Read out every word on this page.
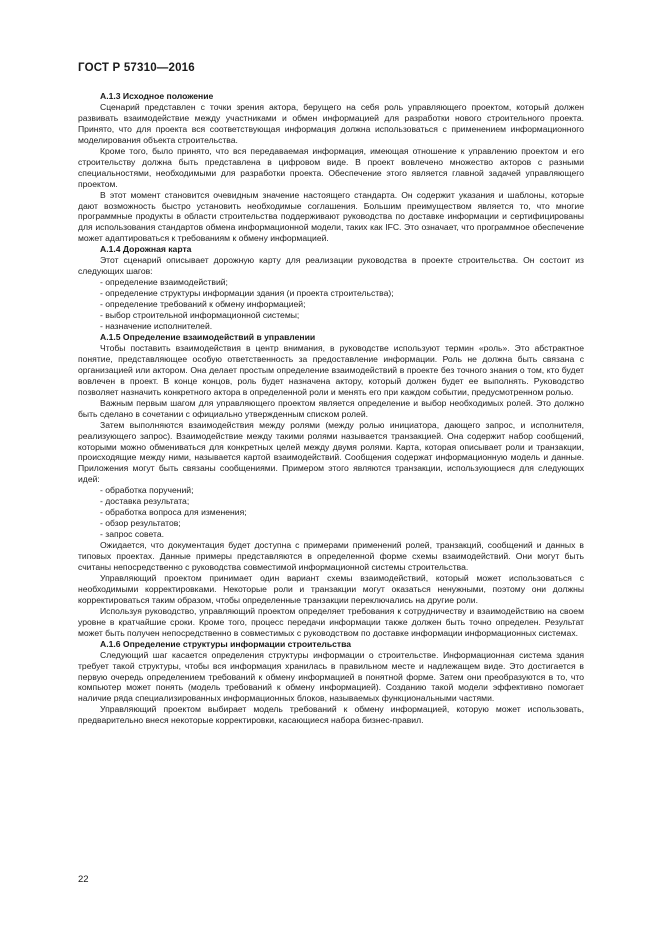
ГОСТ Р 57310—2016
А.1.3 Исходное положение

Сценарий представлен с точки зрения актора, берущего на себя роль управляющего проектом, который должен развивать взаимодействие между участниками и обмен информацией для разработки нового строительного проекта. Принято, что для проекта вся соответствующая информация должна использоваться с применением информационного моделирования объекта строительства.

Кроме того, было принято, что вся передаваемая информация, имеющая отношение к управлению проектом и его строительству должна быть представлена в цифровом виде. В проект вовлечено множество акторов с разными специальностями, необходимыми для разработки проекта. Обеспечение этого является главной задачей управляющего проектом.

В этот момент становится очевидным значение настоящего стандарта. Он содержит указания и шаблоны, которые дают возможность быстро установить необходимые соглашения. Большим преимуществом является то, что многие программные продукты в области строительства поддерживают руководства по доставке информации и сертифицированы для использования стандартов обмена информационной модели, таких как IFC. Это означает, что программное обеспечение может адаптироваться к требованиям к обмену информацией.

А.1.4 Дорожная карта

Этот сценарий описывает дорожную карту для реализации руководства в проекте строительства. Он состоит из следующих шагов:

- определение взаимодействий;
- определение структуры информации здания (и проекта строительства);
- определение требований к обмену информацией;
- выбор строительной информационной системы;
- назначение исполнителей.
А.1.5 Определение взаимодействий в управлении

Чтобы поставить взаимодействия в центр внимания, в руководстве используют термин «роль». Это абстрактное понятие, представляющее особую ответственность за предоставление информации. Роль не должна быть связана с организацией или актором. Она делает простым определение взаимодействий в проекте без точного знания о том, кто будет вовлечен в проект. В конце концов, роль будет назначена актору, который должен будет ее выполнять. Руководство позволяет назначить конкретного актора в определенной роли и менять его при каждом событии, предусмотренном ролью.

Важным первым шагом для управляющего проектом является определение и выбор необходимых ролей. Это должно быть сделано в сочетании с официально утвержденным списком ролей.

Затем выполняются взаимодействия между ролями (между ролью инициатора, дающего запрос, и исполнителя, реализующего запрос). Взаимодействие между такими ролями называется транзакцией. Она содержит набор сообщений, которыми можно обмениваться для конкретных целей между двумя ролями. Карта, которая описывает роли и транзакции, происходящие между ними, называется картой взаимодействий. Сообщения содержат информационную модель и данные. Приложения могут быть связаны сообщениями. Примером этого являются транзакции, использующиеся для следующих идей:

- обработка поручений;
- доставка результата;
- обработка вопроса для изменения;
- обзор результатов;
- запрос совета.

Ожидается, что документация будет доступна с примерами применений ролей, транзакций, сообщений и данных в типовых проектах. Данные примеры представляются в определенной форме схемы взаимодействий. Они могут быть считаны непосредственно с руководства совместимой информационной системы строительства.

Управляющий проектом принимает один вариант схемы взаимодействий, который может использоваться с необходимыми корректировками. Некоторые роли и транзакции могут оказаться ненужными, поэтому они должны корректироваться таким образом, чтобы определенные транзакции переключались на другие роли.

Используя руководство, управляющий проектом определяет требования к сотрудничеству и взаимодействию на своем уровне в кратчайшие сроки. Кроме того, процесс передачи информации также должен быть точно определен. Результат может быть получен непосредственно в совместимых с руководством по доставке информации информационных системах.

А.1.6 Определение структуры информации строительства

Следующий шаг касается определения структуры информации о строительстве. Информационная система здания требует такой структуры, чтобы вся информация хранилась в правильном месте и надлежащем виде. Это достигается в первую очередь определением требований к обмену информацией в понятной форме. Затем они преобразуются в то, что компьютер может понять (модель требований к обмену информацией). Созданию такой модели эффективно помогает наличие ряда специализированных информационных блоков, называемых функциональными частями.

Управляющий проектом выбирает модель требований к обмену информацией, которую может использовать, предварительно внеся некоторые корректировки, касающиеся набора бизнес-правил.

22
